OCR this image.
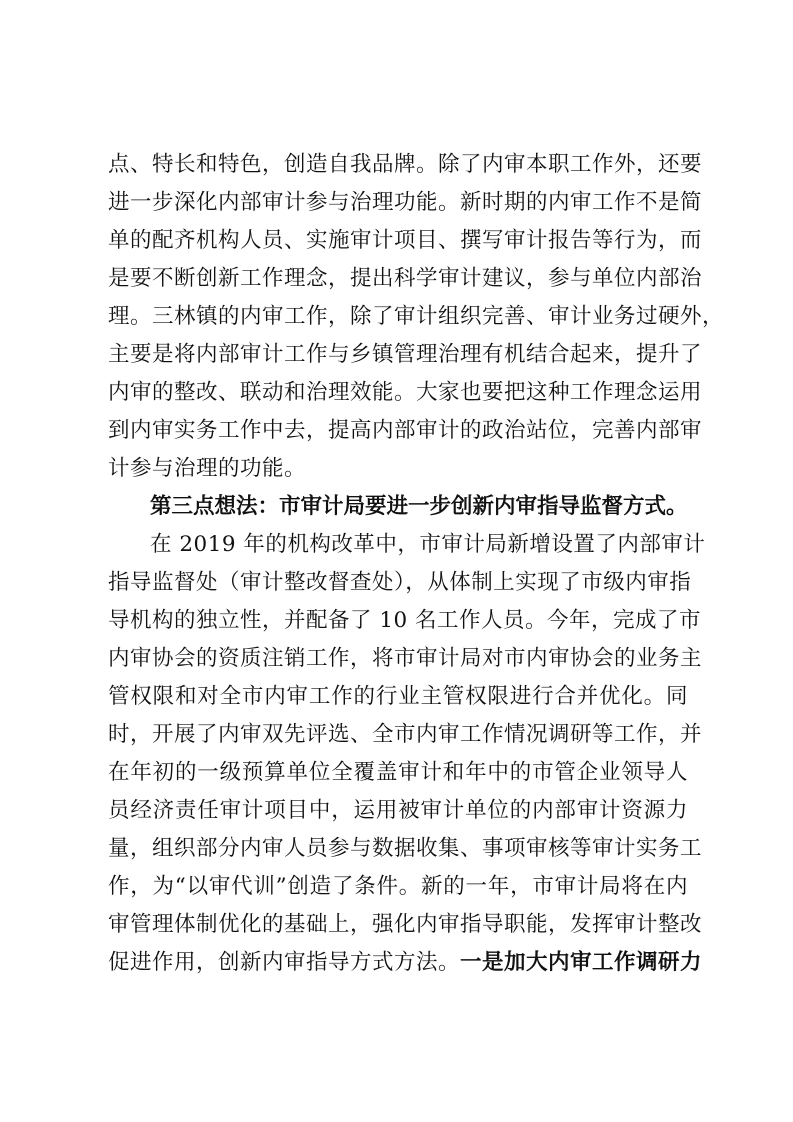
点、特长和特色，创造自我品牌。除了内审本职工作外，还要
进一步深化内部审计参与治理功能。新时期的内审工作不是简
单的配齐机构人员、实施审计项目、撰写审计报告等行为，而
是要不断创新工作理念，提出科学审计建议，参与单位内部治
理。三林镇的内审工作，除了审计组织完善、审计业务过硬外，
主要是将内部审计工作与乡镇管理治理有机结合起来，提升了
内审的整改、联动和治理效能。大家也要把这种工作理念运用
到内审实务工作中去，提高内部审计的政治站位，完善内部审
计参与治理的功能。
第三点想法：市审计局要进一步创新内审指导监督方式。
在 2019 年的机构改革中，市审计局新增设置了内部审计
指导监督处（审计整改督查处），从体制上实现了市级内审指
导机构的独立性，并配备了 10 名工作人员。今年，完成了市
内审协会的资质注销工作，将市审计局对市内审协会的业务主
管权限和对全市内审工作的行业主管权限进行合并优化。同
时，开展了内审双先评选、全市内审工作情况调研等工作，并
在年初的一级预算单位全覆盖审计和年中的市管企业领导人
员经济责任审计项目中，运用被审计单位的内部审计资源力
量，组织部分内审人员参与数据收集、事项审核等审计实务工
作，为“以审代训”创造了条件。新的一年，市审计局将在内
审管理体制优化的基础上，强化内审指导职能，发挥审计整改
促进作用，创新内审指导方式方法。一是加大内审工作调研力
